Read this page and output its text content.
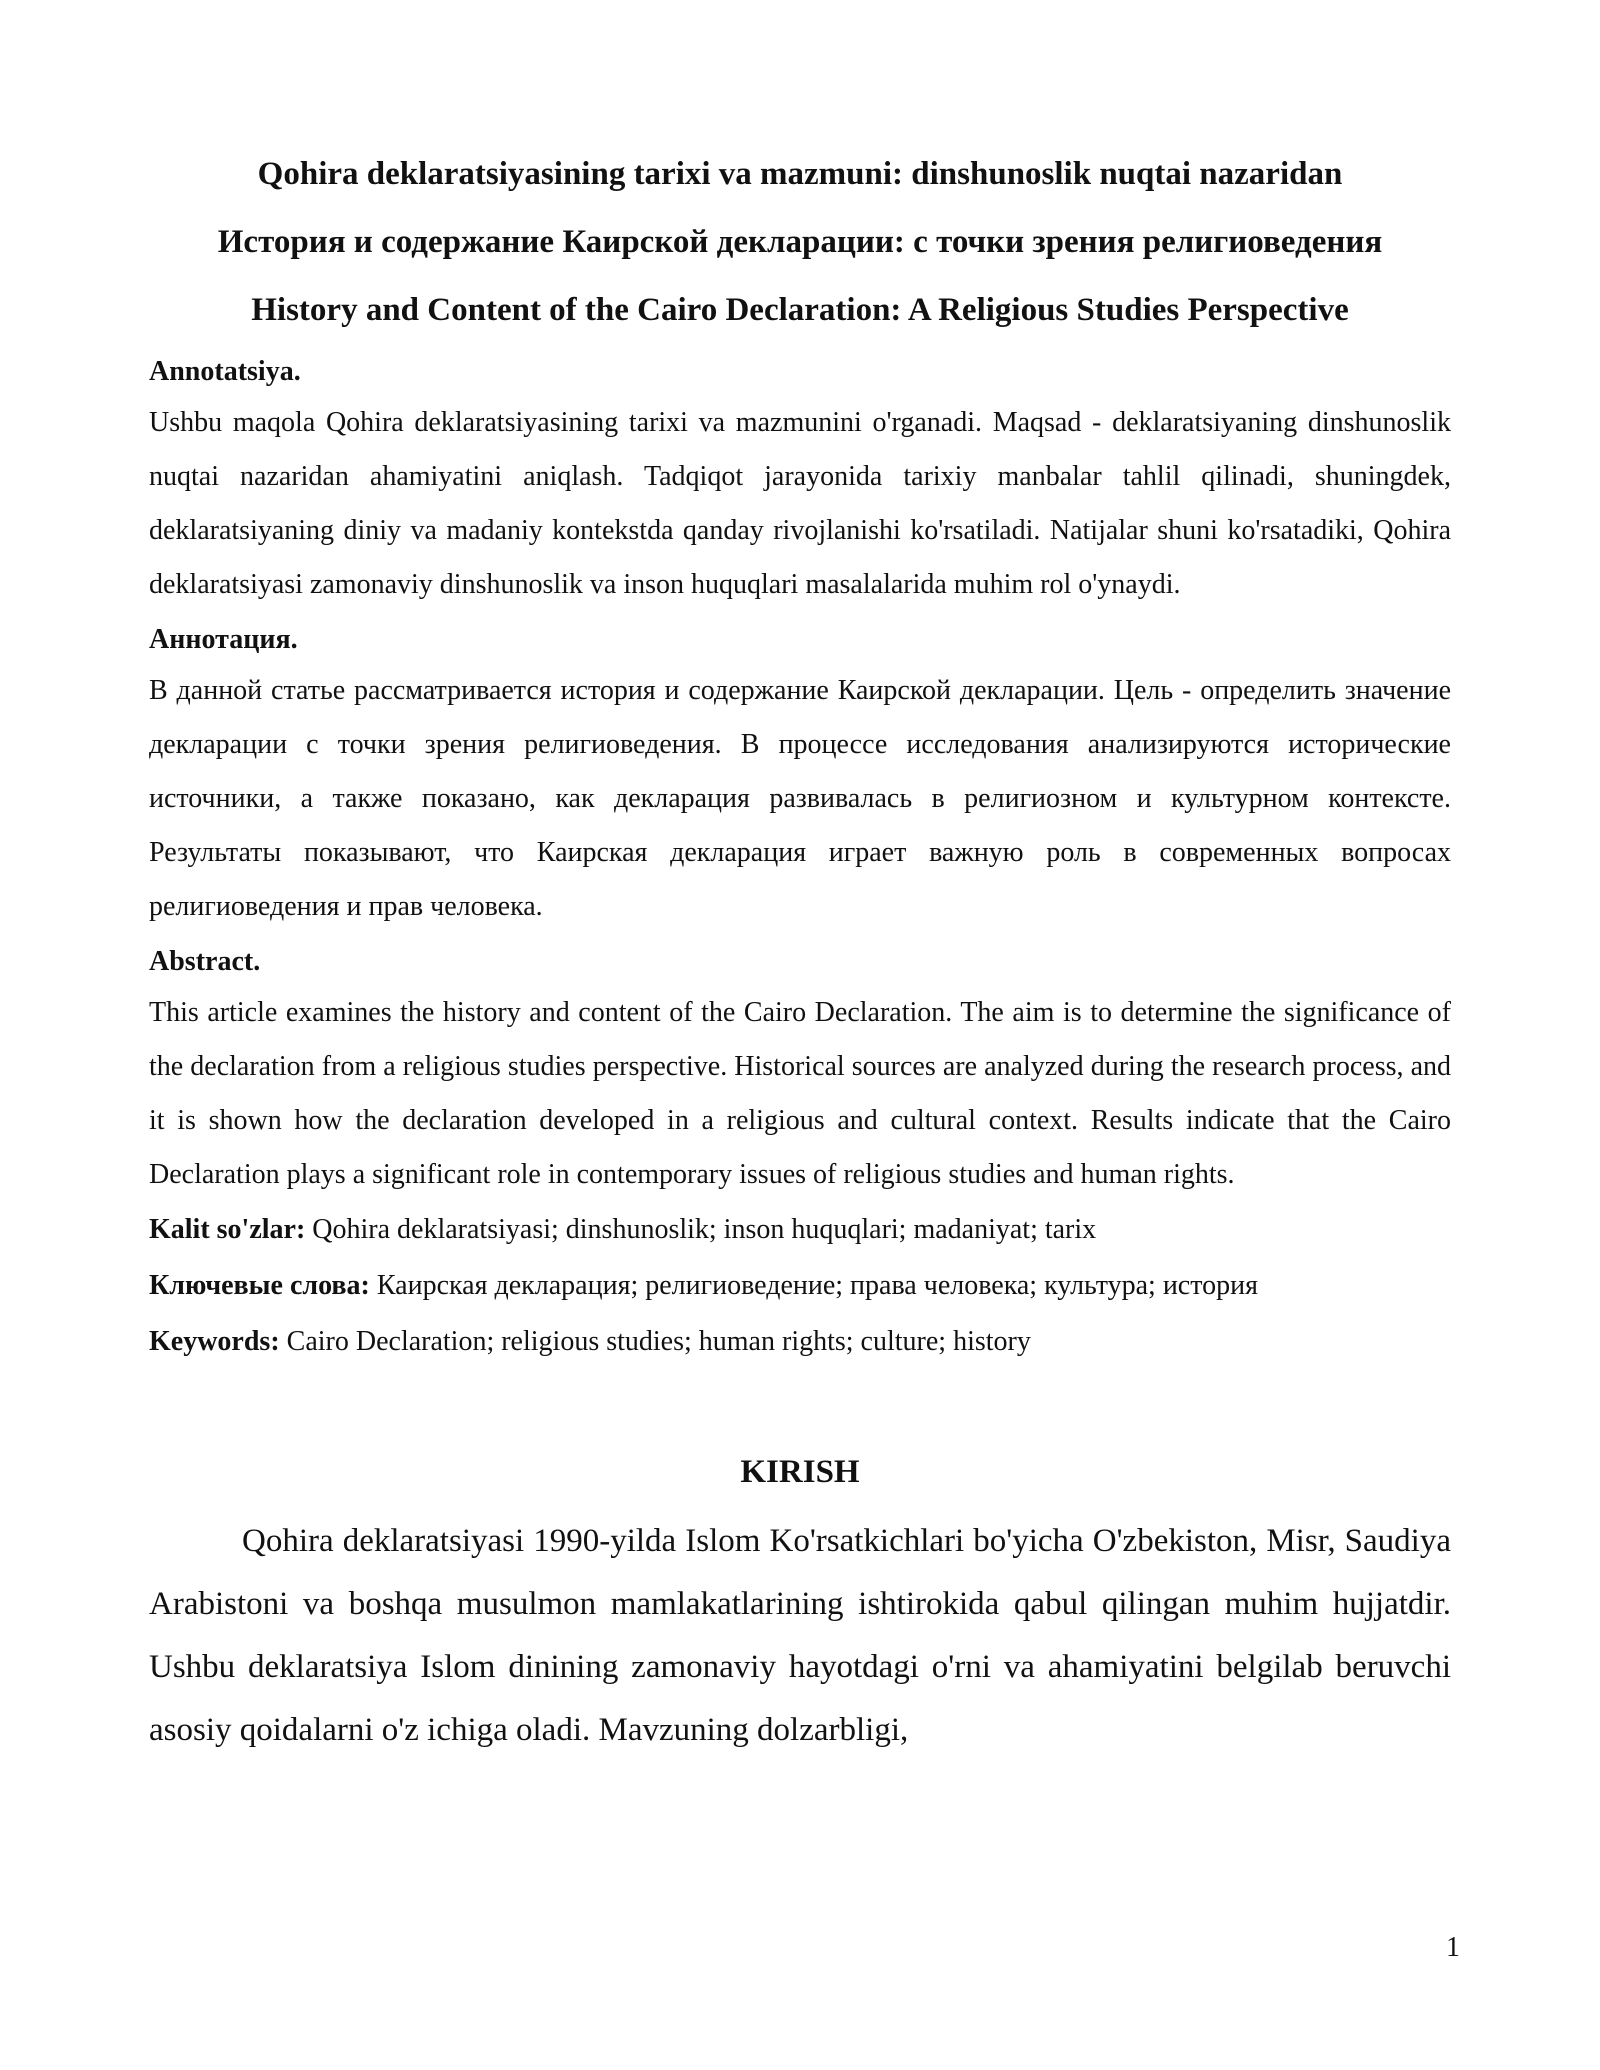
Qohira deklaratsiyasining tarixi va mazmuni: dinshunoslik nuqtai nazaridan

История и содержание Каирской декларации: с точки зрения религиоведения

History and Content of the Cairo Declaration: A Religious Studies Perspective

Annotatsiya.

Ushbu maqola Qohira deklaratsiyasining tarixi va mazmunini o'rganadi. Maqsad - deklaratsiyaning dinshunoslik nuqtai nazaridan ahamiyatini aniqlash. Tadqiqot jarayonida tarixiy manbalar tahlil qilinadi, shuningdek, deklaratsiyaning diniy va madaniy kontekstda qanday rivojlanishi ko'rsatiladi. Natijalar shuni ko'rsatadiki, Qohira deklaratsiyasi zamonaviy dinshunoslik va inson huquqlari masalalarida muhim rol o'ynaydi.

Аннотация.

В данной статье рассматривается история и содержание Каирской декларации. Цель - определить значение декларации с точки зрения религиоведения. В процессе исследования анализируются исторические источники, а также показано, как декларация развивалась в религиозном и культурном контексте. Результаты показывают, что Каирская декларация играет важную роль в современных вопросах религиоведения и прав человека.

Abstract.

This article examines the history and content of the Cairo Declaration. The aim is to determine the significance of the declaration from a religious studies perspective. Historical sources are analyzed during the research process, and it is shown how the declaration developed in a religious and cultural context. Results indicate that the Cairo Declaration plays a significant role in contemporary issues of religious studies and human rights.

Kalit so'zlar: Qohira deklaratsiyasi; dinshunoslik; inson huquqlari; madaniyat; tarix

Ключевые слова: Каирская декларация; религиоведение; права человека; культура; история

Keywords: Cairo Declaration; religious studies; human rights; culture; history

KIRISH

Qohira deklaratsiyasi 1990-yilda Islom Ko'rsatkichlari bo'yicha O'zbekiston, Misr, Saudiya Arabistoni va boshqa musulmon mamlakatlarining ishtirokida qabul qilingan muhim hujjatdir. Ushbu deklaratsiya Islom dinining zamonaviy hayotdagi o'rni va ahamiyatini belgilab beruvchi asosiy qoidalarni o'z ichiga oladi. Mavzuning dolzarbligi,

1
